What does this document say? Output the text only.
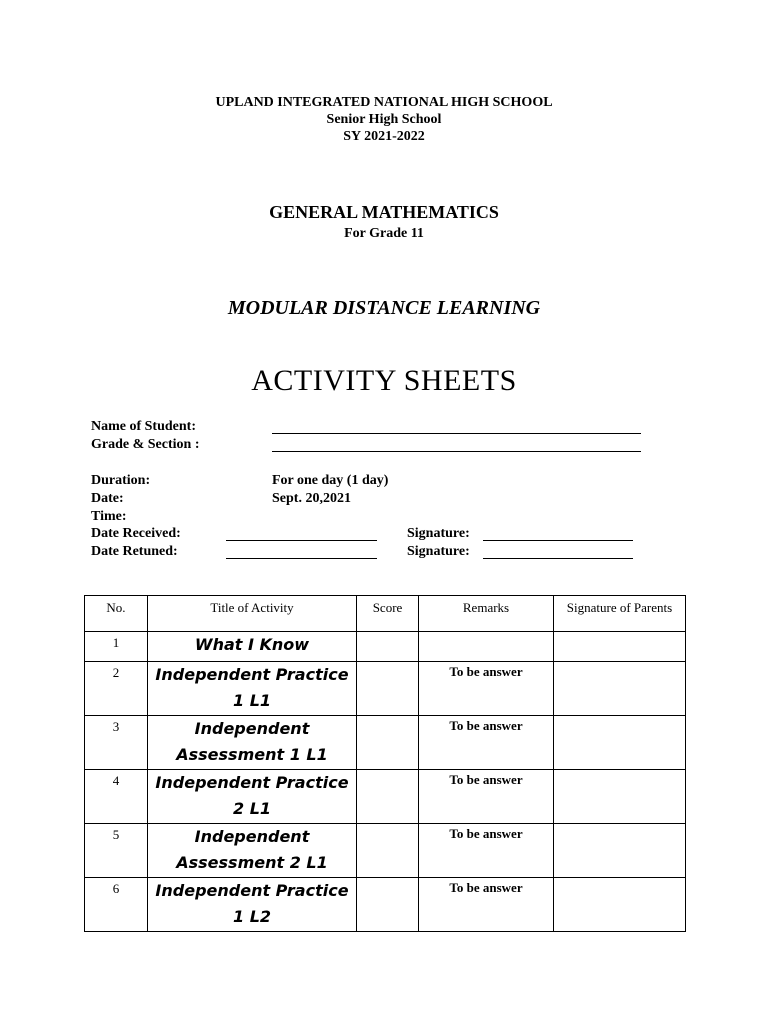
UPLAND INTEGRATED NATIONAL HIGH SCHOOL
Senior High School
SY 2021-2022
GENERAL MATHEMATICS
For Grade 11
MODULAR DISTANCE LEARNING
ACTIVITY SHEETS
Name of Student:
Grade & Section :
Duration:	For one day (1 day)
Date:	Sept. 20,2021
Time:
Date Received:	Signature:
Date Retuned:	Signature:
No.	Title of Activity	Score	Remarks	Signature of Parents
1	What I Know			
2	Independent Practice 1 L1		To be answer	
3	Independent Assessment 1 L1		To be answer	
4	Independent Practice 2 L1		To be answer	
5	Independent Assessment 2 L1		To be answer	
6	Independent Practice 1 L2		To be answer	
